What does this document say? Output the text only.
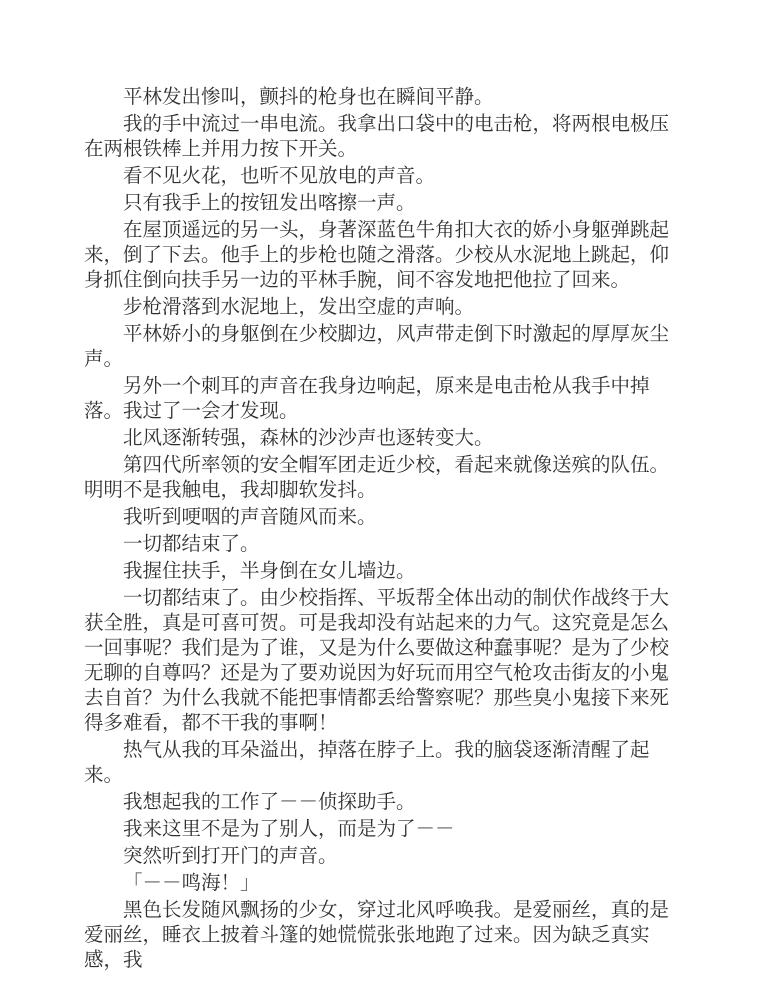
平林发出惨叫，颤抖的枪身也在瞬间平静。

我的手中流过一串电流。我拿出口袋中的电击枪，将两根电极压在两根铁棒上并用力按下开关。

看不见火花，也听不见放电的声音。

只有我手上的按钮发出喀擦一声。

在屋顶遥远的另一头，身著深蓝色牛角扣大衣的娇小身躯弹跳起来，倒了下去。他手上的步枪也随之滑落。少校从水泥地上跳起，仰身抓住倒向扶手另一边的平林手腕，间不容发地把他拉了回来。

步枪滑落到水泥地上，发出空虚的声响。

平林娇小的身躯倒在少校脚边，风声带走倒下时激起的厚厚灰尘声。

另外一个刺耳的声音在我身边响起，原来是电击枪从我手中掉落。我过了一会才发现。

北风逐渐转强，森林的沙沙声也逐转变大。

第四代所率领的安全帽军团走近少校，看起来就像送殡的队伍。明明不是我触电，我却脚软发抖。

我听到哽咽的声音随风而来。

一切都结束了。

我握住扶手，半身倒在女儿墙边。

一切都结束了。由少校指挥、平坂帮全体出动的制伏作战终于大获全胜，真是可喜可贺。可是我却没有站起来的力气。这究竟是怎么一回事呢？我们是为了谁，又是为什么要做这种蠢事呢？是为了少校无聊的自尊吗？还是为了要劝说因为好玩而用空气枪攻击街友的小鬼去自首？为什么我就不能把事情都丢给警察呢？那些臭小鬼接下来死得多难看，都不干我的事啊！

热气从我的耳朵溢出，掉落在脖子上。我的脑袋逐渐清醒了起来。

我想起我的工作了－－侦探助手。

我来这里不是为了别人，而是为了－－

突然听到打开门的声音。

「－－鸣海！」

黑色长发随风飘扬的少女，穿过北风呼唤我。是爱丽丝，真的是爱丽丝，睡衣上披着斗篷的她慌慌张张地跑了过来。因为缺乏真实感，我
